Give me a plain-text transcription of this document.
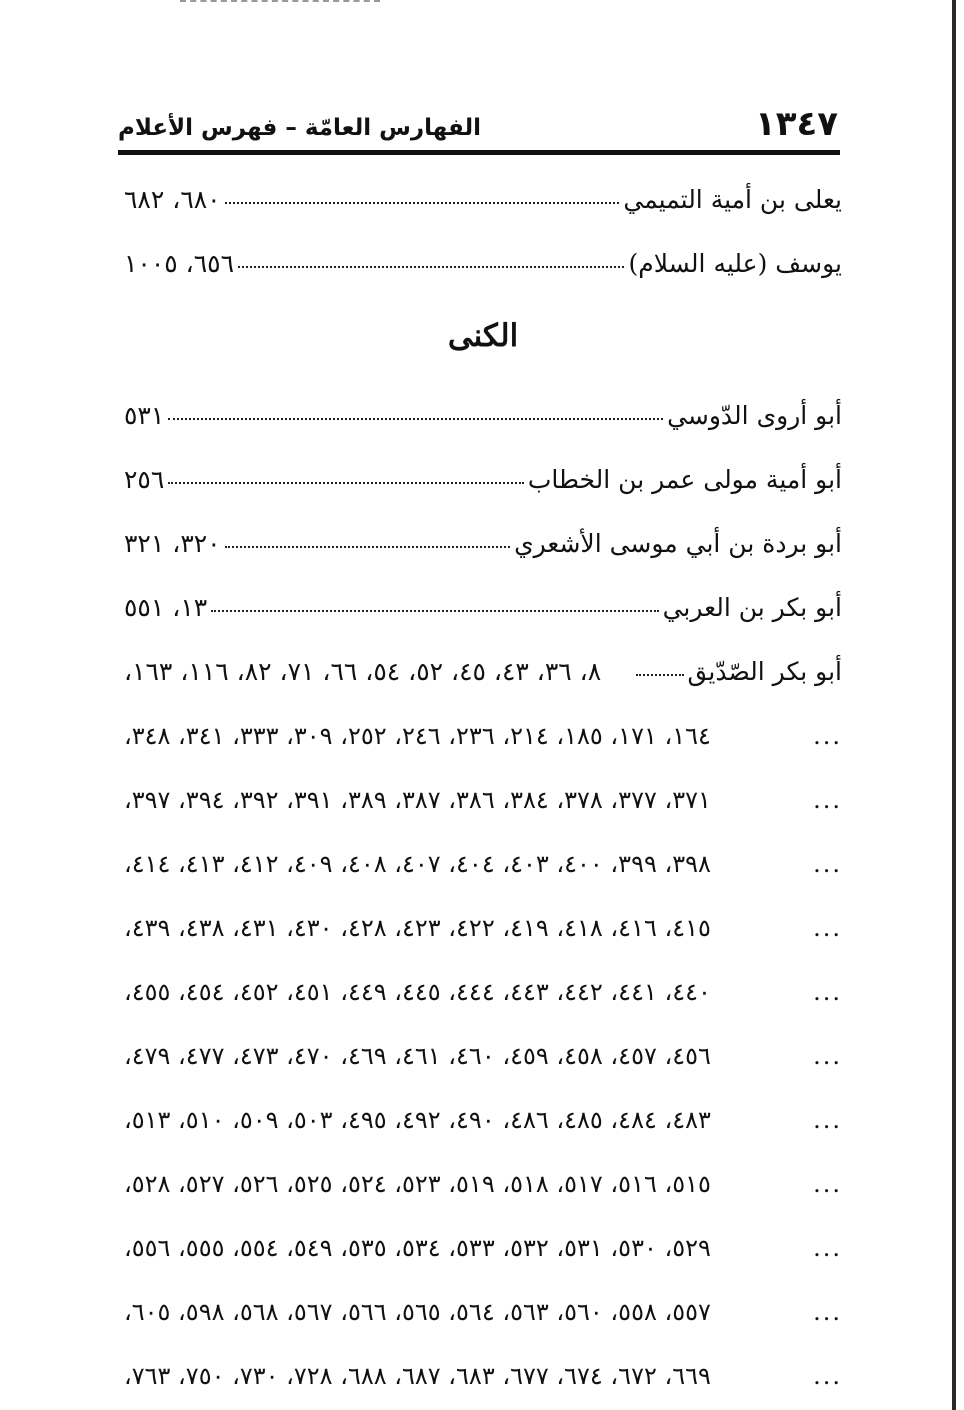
١٣٤٧
الفهارس العامّة – فهرس الأعلام
يعلى بن أمية التميمي
٦٨٠، ٦٨٢
يوسف (عليه السلام)
٦٥٦، ١٠٠٥
الكنى
أبو أروى الدّوسي
٥٣١
أبو أمية مولى عمر بن الخطاب
٢٥٦
أبو بردة بن أبي موسى الأشعري
٣٢٠، ٣٢١
أبو بكر بن العربي
١٣، ٥٥١
أبو بكر الصّدّيق
٨، ٣٦، ٤٣، ٤٥، ٥٢، ٥٤، ٦٦، ٧١، ٨٢، ١١٦، ١٦٣،
...
١٦٤، ١٧١، ١٨٥، ٢١٤، ٢٣٦، ٢٤٦، ٢٥٢، ٣٠٩، ٣٣٣، ٣٤١، ٣٤٨،
...
٣٧١، ٣٧٧، ٣٧٨، ٣٨٤، ٣٨٦، ٣٨٧، ٣٨٩، ٣٩١، ٣٩٢، ٣٩٤، ٣٩٧،
...
٣٩٨، ٣٩٩، ٤٠٠، ٤٠٣، ٤٠٤، ٤٠٧، ٤٠٨، ٤٠٩، ٤١٢، ٤١٣، ٤١٤،
...
٤١٥، ٤١٦، ٤١٨، ٤١٩، ٤٢٢، ٤٢٣، ٤٢٨، ٤٣٠، ٤٣١، ٤٣٨، ٤٣٩،
...
٤٤٠، ٤٤١، ٤٤٢، ٤٤٣، ٤٤٤، ٤٤٥، ٤٤٩، ٤٥١، ٤٥٢، ٤٥٤، ٤٥٥،
...
٤٥٦، ٤٥٧، ٤٥٨، ٤٥٩، ٤٦٠، ٤٦١، ٤٦٩، ٤٧٠، ٤٧٣، ٤٧٧، ٤٧٩،
...
٤٨٣، ٤٨٤، ٤٨٥، ٤٨٦، ٤٩٠، ٤٩٢، ٤٩٥، ٥٠٣، ٥٠٩، ٥١٠، ٥١٣،
...
٥١٥، ٥١٦، ٥١٧، ٥١٨، ٥١٩، ٥٢٣، ٥٢٤، ٥٢٥، ٥٢٦، ٥٢٧، ٥٢٨،
...
٥٢٩، ٥٣٠، ٥٣١، ٥٣٢، ٥٣٣، ٥٣٤، ٥٣٥، ٥٤٩، ٥٥٤، ٥٥٥، ٥٥٦،
...
٥٥٧، ٥٥٨، ٥٦٠، ٥٦٣، ٥٦٤، ٥٦٥، ٥٦٦، ٥٦٧، ٥٦٨، ٥٩٨، ٦٠٥،
...
٦٦٩، ٦٧٢، ٦٧٤، ٦٧٧، ٦٨٣، ٦٨٧، ٦٨٨، ٧٢٨، ٧٣٠، ٧٥٠، ٧٦٣،
